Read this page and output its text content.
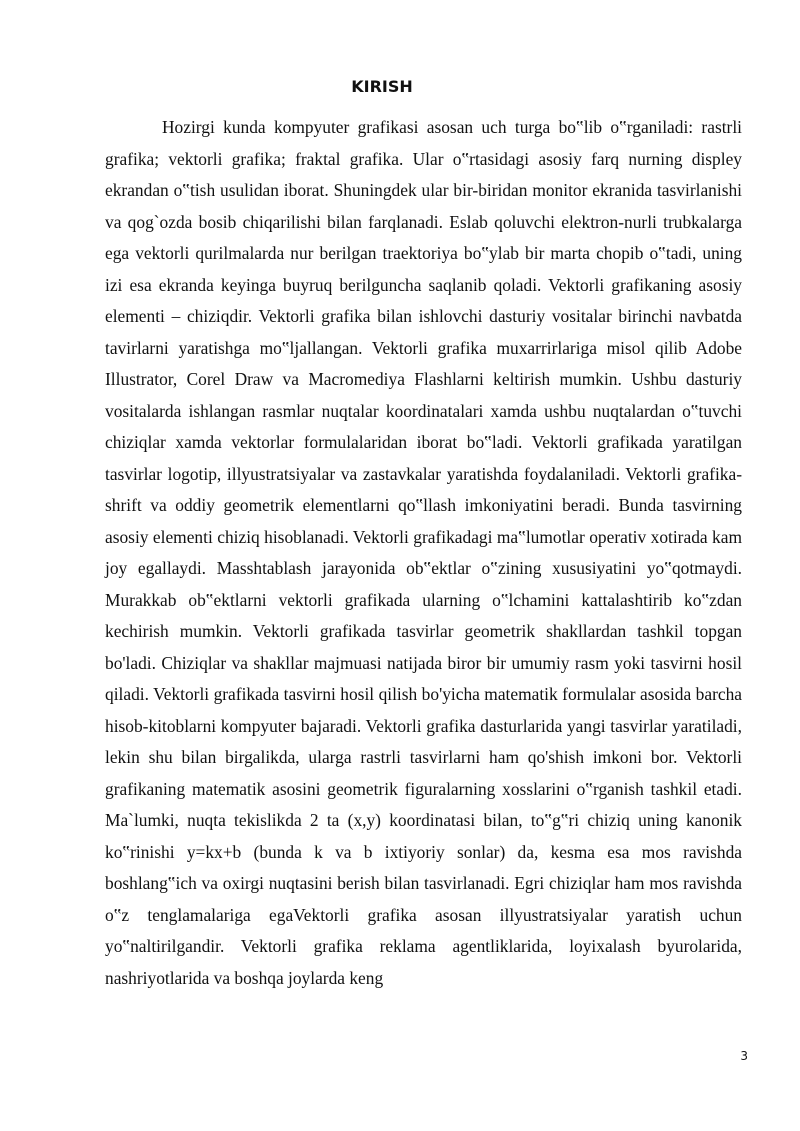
KIRISH

Hozirgi kunda kompyuter grafikasi asosan uch turga bo‟lib o‟rganiladi: rastrli grafika; vektorli grafika; fraktal grafika. Ular o‟rtasidagi asosiy farq nurning displey ekrandan o‟tish usulidan iborat. Shuningdek ular bir-biridan monitor ekranida tasvirlanishi va qog`ozda bosib chiqarilishi bilan farqlanadi. Eslab qoluvchi elektron-nurli trubkalarga ega vektorli qurilmalarda nur berilgan traektoriya bo‟ylab bir marta chopib o‟tadi, uning izi esa ekranda keyinga buyruq berilguncha saqlanib qoladi. Vektorli grafikaning asosiy elementi – chiziqdir. Vektorli grafika bilan ishlovchi dasturiy vositalar birinchi navbatda tavirlarni yaratishga mo‟ljallangan. Vektorli grafika muxarrirlariga misol qilib Adobe Illustrator, Corel Draw va Macromediya Flashlarni keltirish mumkin. Ushbu dasturiy vositalarda ishlangan rasmlar nuqtalar koordinatalari xamda ushbu nuqtalardan o‟tuvchi chiziqlar xamda vektorlar formulalaridan iborat bo‟ladi. Vektorli grafikada yaratilgan tasvirlar logotip, illyustratsiyalar va zastavkalar yaratishda foydalaniladi. Vektorli grafika- shrift va oddiy geometrik elementlarni qo‟llash imkoniyatini beradi. Bunda tasvirning asosiy elementi chiziq hisoblanadi. Vektorli grafikadagi ma‟lumotlar operativ xotirada kam joy egallaydi. Masshtablash jarayonida ob‟ektlar o‟zining xususiyatini yo‟qotmaydi. Murakkab ob‟ektlarni vektorli grafikada ularning o‟lchamini kattalashtirib ko‟zdan kechirish mumkin. Vektorli grafikada tasvirlar geometrik shakllardan tashkil topgan bo'ladi. Chiziqlar va shakllar majmuasi natijada biror bir umumiy rasm yoki tasvirni hosil qiladi. Vektorli grafikada tasvirni hosil qilish bo'yicha matematik formulalar asosida barcha hisob-kitoblarni kompyuter bajaradi. Vektorli grafika dasturlarida yangi tasvirlar yaratiladi, lekin shu bilan birgalikda, ularga rastrli tasvirlarni ham qo'shish imkoni bor. Vektorli grafikaning matematik asosini geometrik figuralarning xosslarini o‟rganish tashkil etadi. Ma`lumki, nuqta tekislikda 2 ta (x,y) koordinatasi bilan, to‟g‟ri chiziq uning kanonik ko‟rinishi y=kx+b (bunda k va b ixtiyoriy sonlar) da, kesma esa mos ravishda boshlang‟ich va oxirgi nuqtasini berish bilan tasvirlanadi. Egri chiziqlar ham mos ravishda o‟z tenglamalariga egaVektorli grafika asosan illyustratsiyalar yaratish uchun yo‟naltirilgandir. Vektorli grafika reklama agentliklarida, loyixalash byurolarida, nashriyotlarida va boshqa joylarda keng

3
